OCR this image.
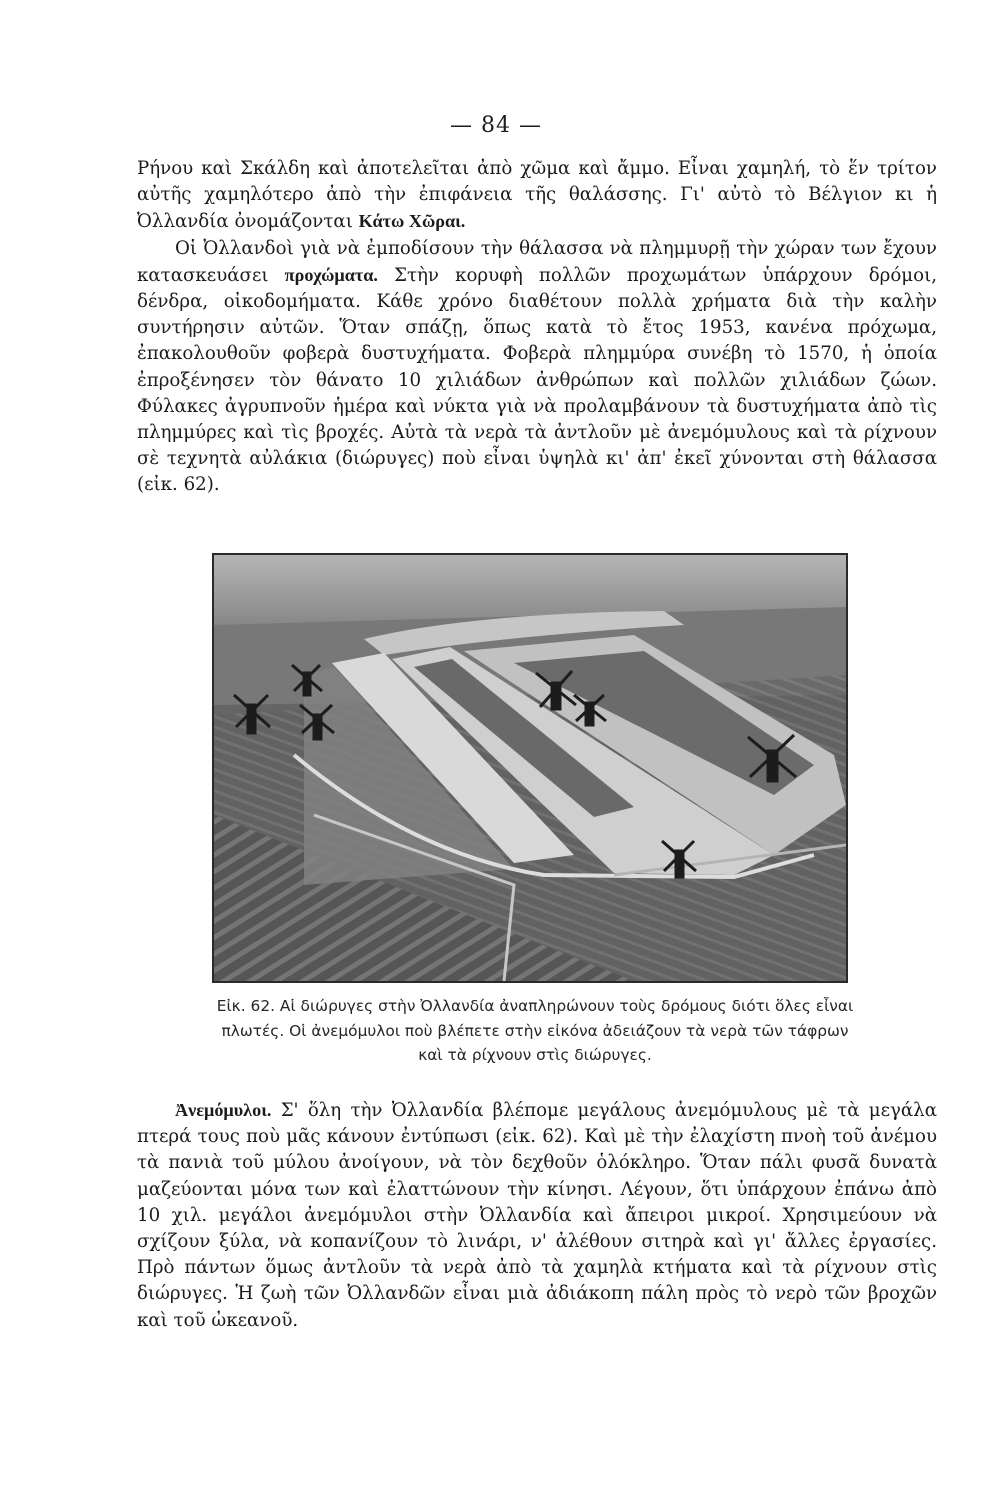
— 84 —

Ρήνου καὶ Σκάλδη καὶ ἀποτελεῖται ἀπὸ χῶμα καὶ ἄμμο. Εἶναι χαμηλή, τὸ ἕν τρίτον αὐτῆς χαμηλότερο ἀπὸ τὴν ἐπιφάνεια τῆς θαλάσσης. Γι' αὐτὸ τὸ Βέλγιον κι ἡ Ὀλλανδία ὀνομάζονται Κάτω Χῶραι.

Οἱ Ὀλλανδοὶ γιὰ νὰ ἐμποδίσουν τὴν θάλασσα νὰ πλημμυρῇ τὴν χώραν των ἔχουν κατασκευάσει προχώματα. Στὴν κορυφὴ πολλῶν προχωμάτων ὑπάρχουν δρόμοι, δένδρα, οἰκοδομήματα. Κάθε χρόνο διαθέτουν πολλὰ χρήματα διὰ τὴν καλὴν συντήρησιν αὐτῶν. Ὅταν σπάζῃ, ὅπως κατὰ τὸ ἔτος 1953, κανένα πρόχωμα, ἐπακολουθοῦν φοβερὰ δυστυχήματα. Φοβερὰ πλημμύρα συνέβη τὸ 1570, ἡ ὁποία ἐπροξένησεν τὸν θάνατο 10 χιλιάδων ἀνθρώπων καὶ πολλῶν χιλιάδων ζώων. Φύλακες ἀγρυπνοῦν ἡμέρα καὶ νύκτα γιὰ νὰ προλαμβάνουν τὰ δυστυχήματα ἀπὸ τὶς πλημμύρες καὶ τὶς βροχές. Αὐτὰ τὰ νερὰ τὰ ἀντλοῦν μὲ ἀνεμόμυλους καὶ τὰ ρίχνουν σὲ τεχνητὰ αὐλάκια (διώρυγες) ποὺ εἶναι ὑψηλὰ κι' ἀπ' ἐκεῖ χύνονται στὴ θάλασσα (εἰκ. 62).

Εἰκ. 62. Αἱ διώρυγες στὴν Ὀλλανδία ἀναπληρώνουν τοὺς δρόμους διότι ὅλες εἶναι πλωτές. Οἱ ἀνεμόμυλοι ποὺ βλέπετε στὴν εἰκόνα ἀδειάζουν τὰ νερὰ τῶν τάφρων καὶ τὰ ρίχνουν στὶς διώρυγες.

Ἀνεμόμυλοι. Σ' ὅλη τὴν Ὀλλανδία βλέπομε μεγάλους ἀνεμόμυλους μὲ τὰ μεγάλα πτερά τους ποὺ μᾶς κάνουν ἐντύπωσι (εἰκ. 62). Καὶ μὲ τὴν ἐλαχίστη πνοὴ τοῦ ἀνέμου τὰ πανιὰ τοῦ μύλου ἀνοίγουν, νὰ τὸν δεχθοῦν ὁλόκληρο. Ὅταν πάλι φυσᾶ δυνατὰ μαζεύονται μόνα των καὶ ἐλαττώνουν τὴν κίνησι. Λέγουν, ὅτι ὑπάρχουν ἐπάνω ἀπὸ 10 χιλ. μεγάλοι ἀνεμόμυλοι στὴν Ὀλλανδία καὶ ἄπειροι μικροί. Χρησιμεύουν νὰ σχίζουν ξύλα, νὰ κοπανίζουν τὸ λινάρι, ν' ἀλέθουν σιτηρὰ καὶ γι' ἄλλες ἐργασίες. Πρὸ πάντων ὅμως ἀντλοῦν τὰ νερὰ ἀπὸ τὰ χαμηλὰ κτήματα καὶ τὰ ρίχνουν στὶς διώρυγες. Ἡ ζωὴ τῶν Ὀλλανδῶν εἶναι μιὰ ἀδιάκοπη πάλη πρὸς τὸ νερὸ τῶν βροχῶν καὶ τοῦ ὠκεανοῦ.
